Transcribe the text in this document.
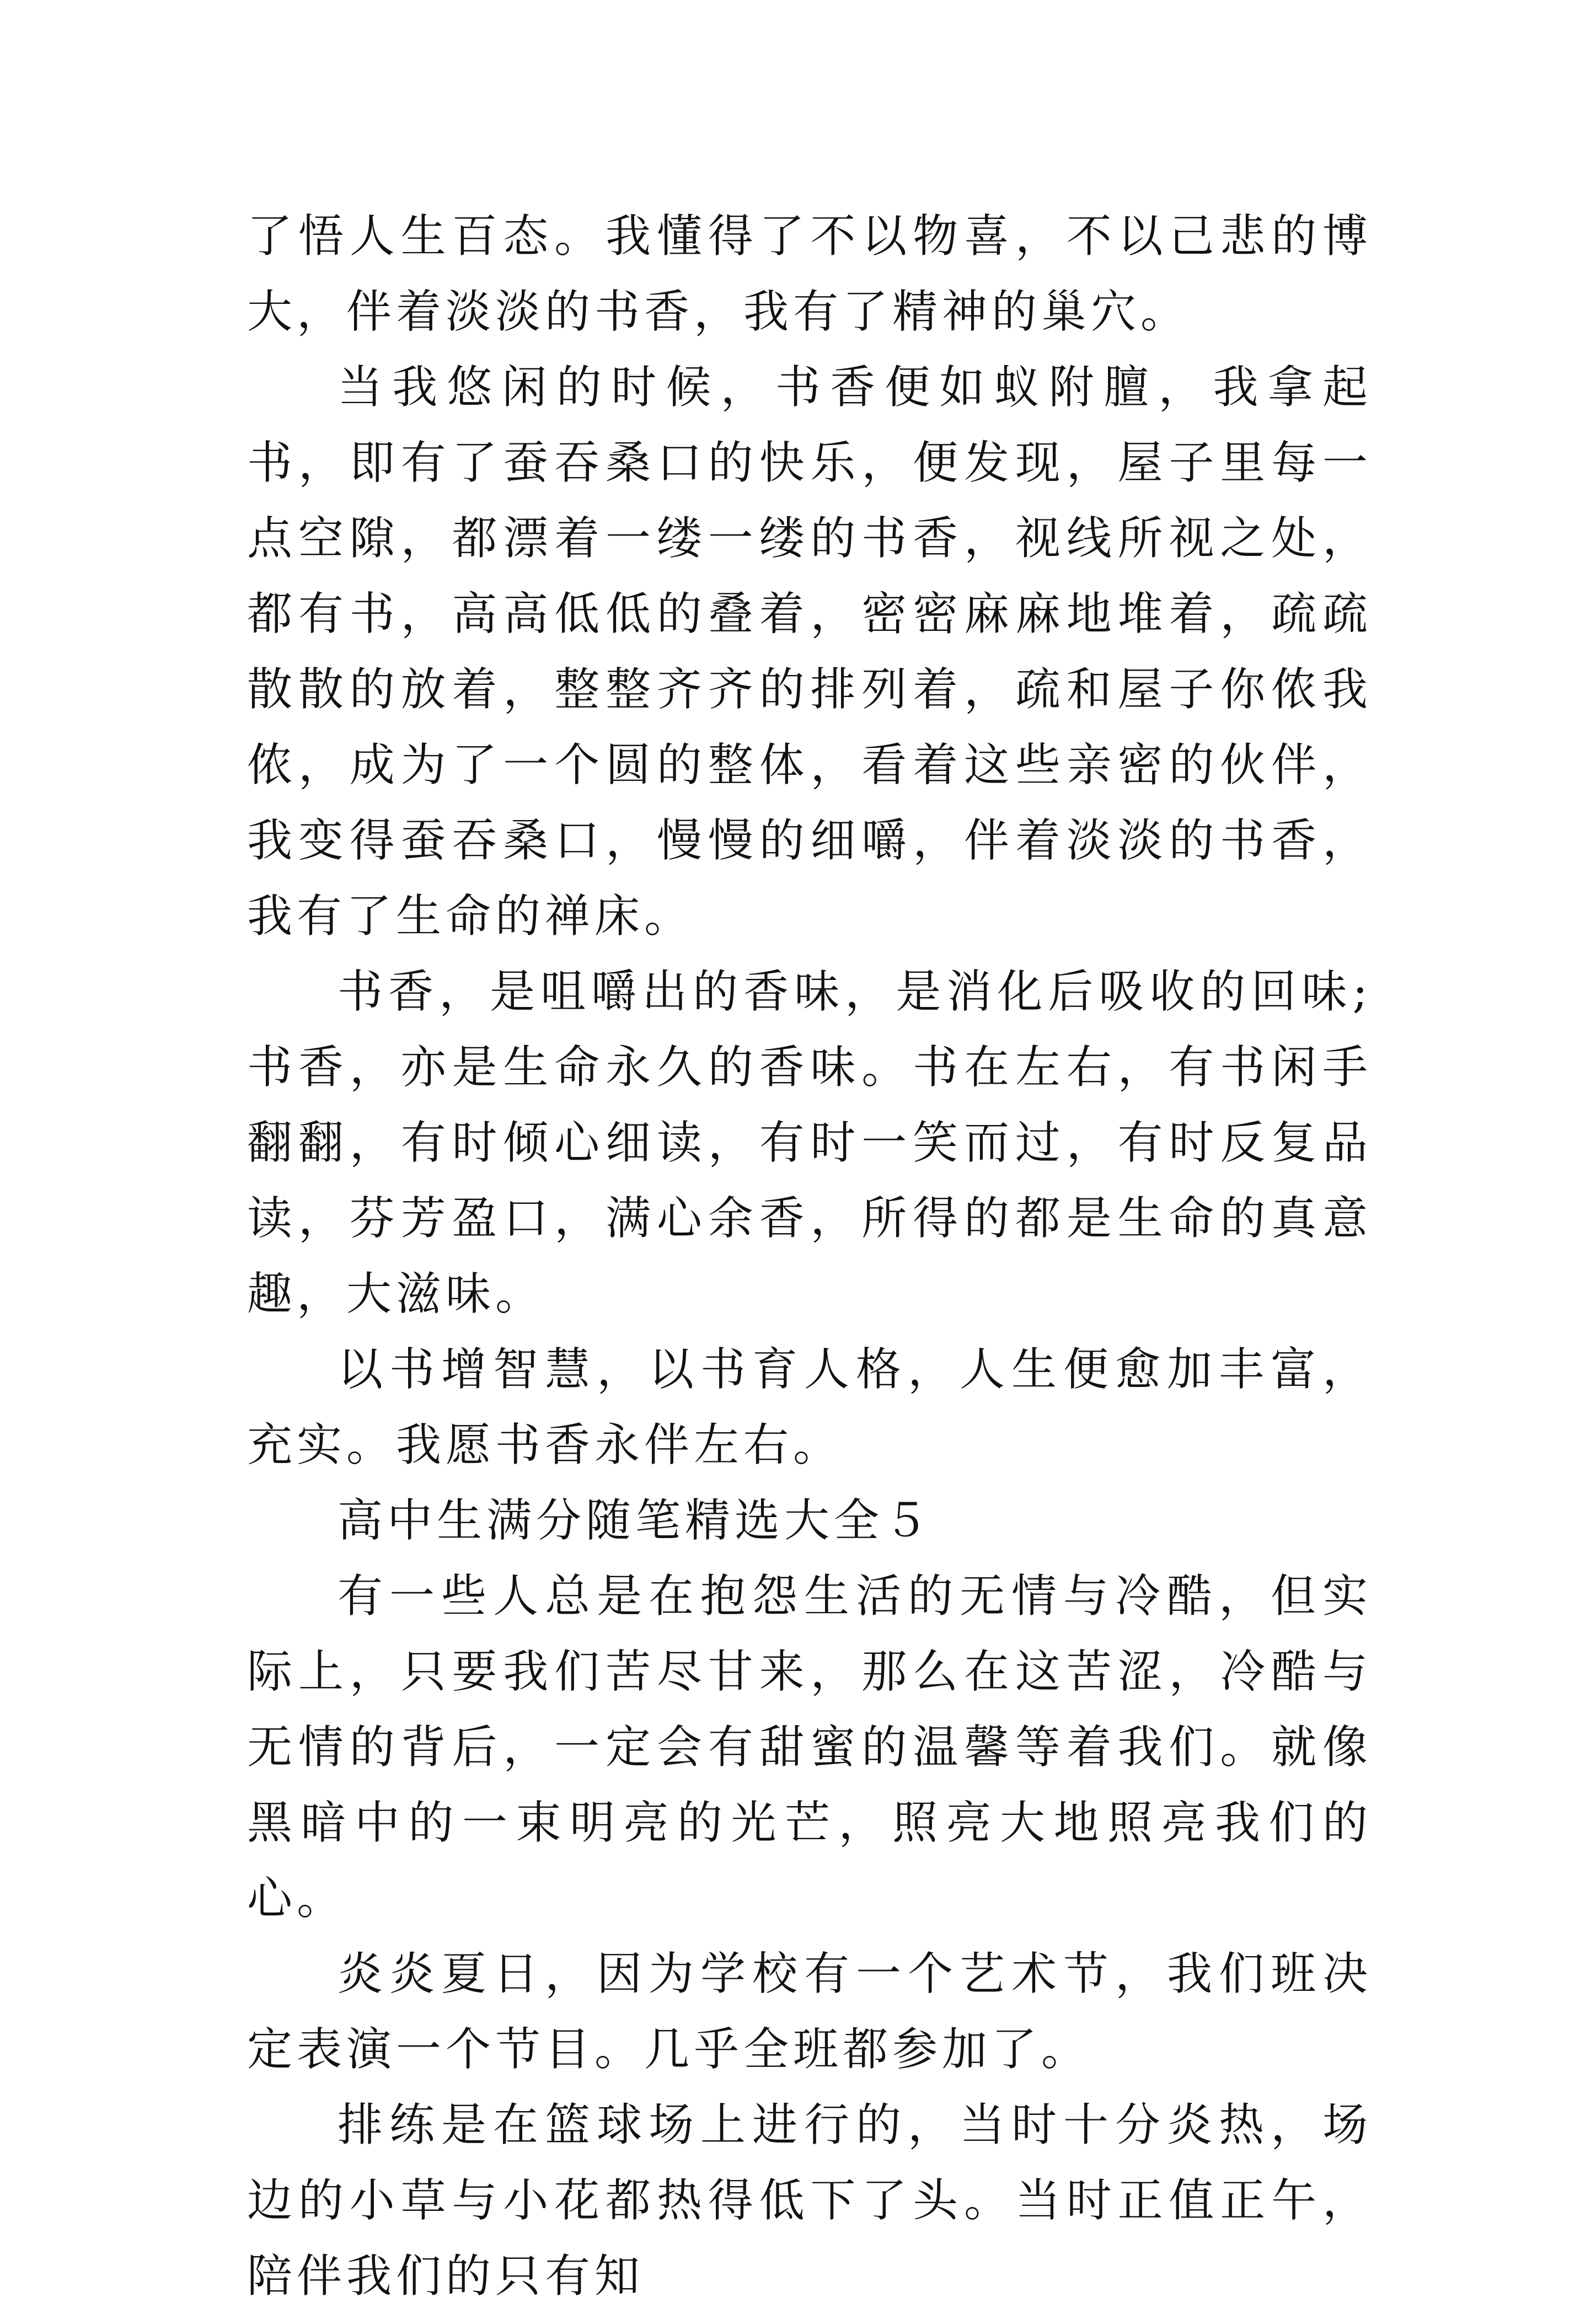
了悟人生百态。我懂得了不以物喜，不以己悲的博大，伴着淡淡的书香，我有了精神的巢穴。

当我悠闲的时候，书香便如蚁附膻，我拿起书，即有了蚕吞桑口的快乐，便发现，屋子里每一点空隙，都漂着一缕一缕的书香，视线所视之处，都有书，高高低低的叠着，密密麻麻地堆着，疏疏散散的放着，整整齐齐的排列着，疏和屋子你侬我侬，成为了一个圆的整体，看着这些亲密的伙伴，我变得蚕吞桑口，慢慢的细嚼，伴着淡淡的书香，我有了生命的禅床。

书香，是咀嚼出的香味，是消化后吸收的回味;书香，亦是生命永久的香味。书在左右，有书闲手翻翻，有时倾心细读，有时一笑而过，有时反复品读，芬芳盈口，满心余香，所得的都是生命的真意趣，大滋味。

以书增智慧，以书育人格，人生便愈加丰富，充实。我愿书香永伴左右。

高中生满分随笔精选大全５

有一些人总是在抱怨生活的无情与冷酷，但实际上，只要我们苦尽甘来，那么在这苦涩，冷酷与无情的背后，一定会有甜蜜的温馨等着我们。就像黑暗中的一束明亮的光芒，照亮大地照亮我们的心。

炎炎夏日，因为学校有一个艺术节，我们班决定表演一个节目。几乎全班都参加了。

排练是在篮球场上进行的，当时十分炎热，场边的小草与小花都热得低下了头。当时正值正午，陪伴我们的只有知
